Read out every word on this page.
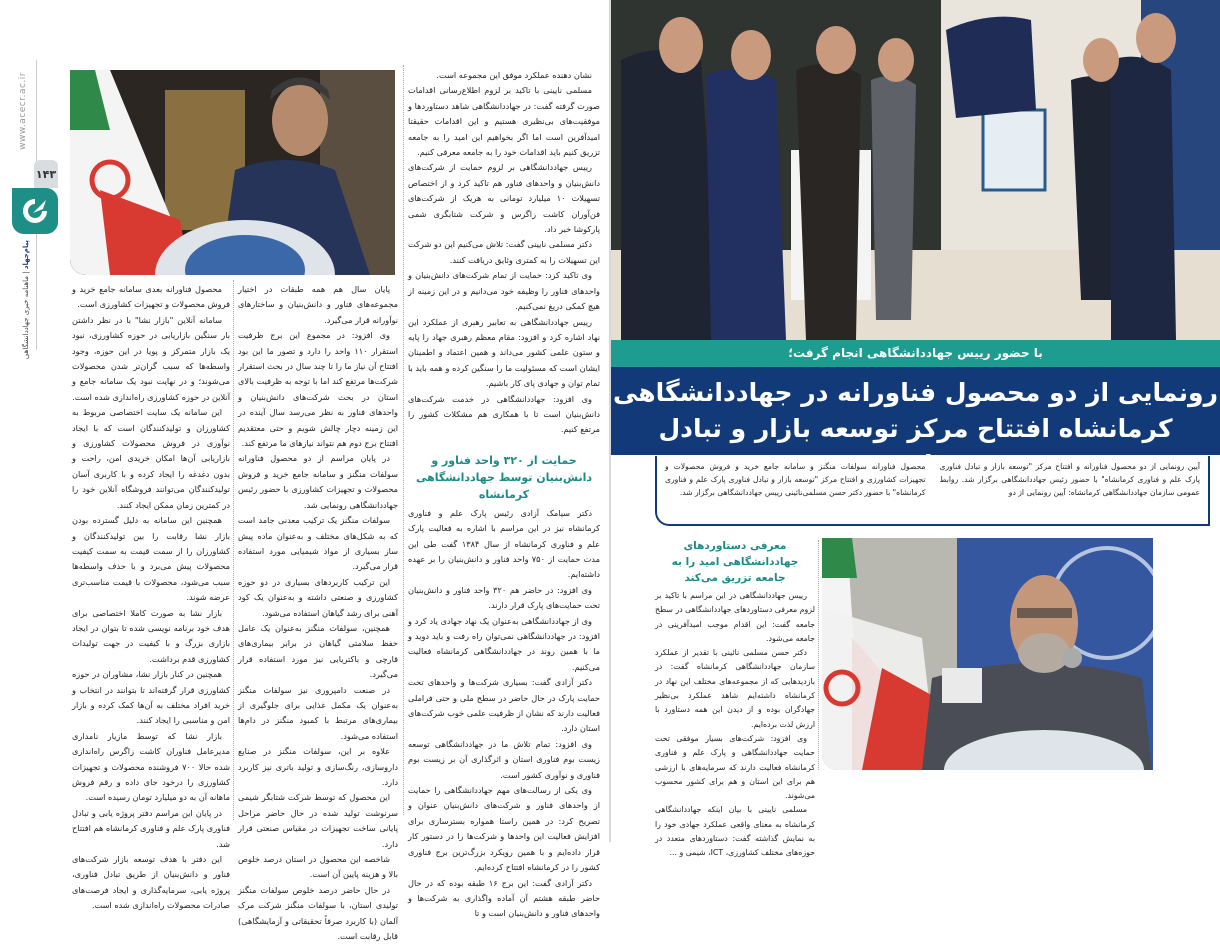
www.acecr.ac.ir
۱۴۳
پیام‌جهاد | ماهنامه خبری جهاددانشگاهی

نشان دهنده عملکرد موفق این مجموعه است.

مسلمی نایینی با تاکید بر لزوم اطلاع‌رسانی اقدامات صورت گرفته گفت: در جهاددانشگاهی شاهد دستاوردها و موفقیت‌های بی‌نظیری هستیم و این اقدامات حقیقتا امیدآفرین است اما اگر بخواهیم این امید را به جامعه تزریق کنیم باید اقدامات خود را به جامعه معرفی کنیم.

رییس جهاددانشگاهی بر لزوم حمایت از شرکت‌های دانش‌بنیان و واحدهای فناور هم تاکید کرد و از اختصاص تسهیلات ۱۰ میلیارد تومانی به هریک از شرکت‌های فن‌آوران کاشت زاگرس و شرکت شتابگری شمی پارکوشا خبر داد.

دکتر مسلمی نایینی گفت: تلاش می‌کنیم این دو شرکت این تسهیلات را به کمتری وثایق دریافت کنند.

وی تاکید کرد: حمایت از تمام شرکت‌های دانش‌بنیان و واحدهای فناور را وظیفه خود می‌دانیم و در این زمینه از هیچ کمکی دریغ نمی‌کنیم.

رییس جهاددانشگاهی به تعابیر رهبری از عملکرد این نهاد اشاره کرد و افزود: مقام معظم رهبری جهاد را پایه و ستون علمی کشور می‌داند و همین اعتماد و اطمینان ایشان است که مسئولیت ما را سنگین کرده و همه باید با تمام توان و جهادی پای کار باشیم.

وی افزود: جهاددانشگاهی در خدمت شرکت‌های دانش‌بنیان است تا با همکاری هم مشکلات کشور را مرتفع کنیم.

حمایت از ۳۲۰ واحد فناور و دانش‌بنیان توسط جهاددانشگاهی کرمانشاه

دکتر سیامک آزادی رئیس پارک علم و فناوری کرمانشاه نیز در این مراسم با اشاره به فعالیت پارک علم و فناوری کرمانشاه از سال ۱۳۸۴ گفت طی این مدت حمایت از ۷۵۰ واحد فناور و دانش‌بنیان را بر عهده داشته‌ایم.

وی افزود: در حاضر هم ۳۲۰ واحد فناور و دانش‌بنیان تحت حمایت‌های پارک قرار دارند.

وی از جهاددانشگاهی به‌عنوان یک نهاد جهادی یاد کرد و افزود: در جهاددانشگاهی نمی‌توان راه رفت و باید دوید و ما با همین روند در جهاددانشگاهی کرمانشاه فعالیت می‌کنیم.

دکتر آزادی گفت: بسیاری شرکت‌ها و واحدهای تحت حمایت پارک در حال حاضر در سطح ملی و حتی فراملی فعالیت دارند که نشان از ظرفیت علمی خوب شرکت‌های استان دارد.

وی افزود: تمام تلاش ما در جهاددانشگاهی توسعه زیست بوم فناوری استان و اثرگذاری آن بر زیست بوم فناوری و نوآوری کشور است.

وی یکی از رسالت‌های مهم جهاددانشگاهی را حمایت از واحدهای فناور و شرکت‌های دانش‌بنیان عنوان و تصریح کرد: در همین راستا همواره بسترسازی برای افزایش فعالیت این واحدها و شرکت‌ها را در دستور کار قرار داده‌ایم و با همین رویکرد بزرگ‌ترین برج فناوری کشور را در کرمانشاه افتتاح کرده‌ایم.

دکتر آزادی گفت: این برج ۱۶ طبقه بوده که در حال حاضر طبقه هشتم آن آماده واگذاری به شرکت‌ها و واحدهای فناور و دانش‌بنیان است و تا

پایان سال هم همه طبقات در اختیار مجموعه‌های فناور و دانش‌بنیان و ساختارهای نوآورانه قرار می‌گیرد.

وی افزود: در مجموع این برج ظرفیت استقرار ۱۱۰ واحد را دارد و تصور ما این بود افتتاح آن نیاز ما را تا چند سال در بحث استقرار شرکت‌ها مرتفع کند اما با توجه به ظرفیت بالای استان در بحث شرکت‌های دانش‌بنیان و واحدهای فناور به نظر می‌رسد سال آینده در این زمینه دچار چالش شویم و حتی معتقدیم افتتاح برج دوم هم نتواند نیازهای ما مرتفع کند.

در پایان مراسم از دو محصول فناورانه سولفات منگنز و سامانه جامع خرید و فروش محصولات و تجهیزات کشاورزی با حضور رئیس جهاددانشگاهی رونمایی شد.

سولفات منگنز یک ترکیب معدنی جامد است که به شکل‌های مختلف و به‌عنوان ماده پیش ساز بسیاری از مواد شیمیایی مورد استفاده قرار می‌گیرد.

این ترکیب کاربردهای بسیاری در دو حوزه کشاورزی و صنعتی داشته و به‌عنوان یک کود آهنی برای رشد گیاهان استفاده می‌شود.

همچنین، سولفات منگنز به‌عنوان یک عامل حفظ سلامتی گیاهان در برابر بیماری‌های قارچی و باکتریایی نیز مورد استفاده قرار می‌گیرد.

در صنعت دامپروری نیز سولفات منگنز به‌عنوان یک مکمل غذایی برای جلوگیری از بیماری‌های مرتبط با کمبود منگنز در دام‌ها استفاده می‌شود.

علاوه بر این، سولفات منگنز در صنایع داروسازی، رنگ‌سازی و تولید باتری نیز کاربرد دارد.

این محصول که توسط شرکت شتابگر شیمی سرنوشت تولید شده در حال حاضر مراحل پایانی ساخت تجهیزات در مقیاس صنعتی قرار دارد.

شاخصه این محصول در استان درصد خلوص بالا و هزینه پایین آن است.

در حال حاضر درصد خلوص سولفات منگنز تولیدی استان، با سولفات منگنز شرکت مرک آلمان (با کاربرد صرفاً تحقیقاتی و آزمایشگاهی) قابل رقابت است.

محصول فناورانه بعدی سامانه جامع خرید و فروش محصولات و تجهیزات کشاورزی است.

سامانه آنلاین "بازار نشا" با در نظر داشتن بار سنگین بازاریابی در حوزه کشاورزی، نبود یک بازار متمرکز و پویا در این حوزه، وجود واسطه‌ها که سبب گران‌تر شدن محصولات می‌شوند؛ و در نهایت نبود یک سامانه جامع و آنلاین در حوزه کشاورزی راه‌اندازی شده است.

این سامانه یک سایت اختصاصی مربوط به کشاورزان و تولیدکنندگان است که با ایجاد نوآوری در فروش محصولات کشاورزی و بازاریابی آن‌ها امکان خریدی امن، راحت و بدون دغدغه را ایجاد کرده و با کاربری آسان تولیدکنندگان می‌توانند فروشگاه آنلاین خود را در کمترین زمان ممکن ایجاد کنند.

همچنین این سامانه به دلیل گسترده بودن بازار نشا رقابت را بین تولیدکنندگان و کشاورزان را از سمت قیمت به سمت کیفیت محصولات پیش می‌برد و با حذف واسطه‌ها سبب می‌شود، محصولات با قیمت مناسب‌تری عرضه شوند.

بازار نشا به صورت کاملا اختصاصی برای هدف خود برنامه نویسی شده تا بتوان در ایجاد بازاری بزرگ و با کیفیت در جهت تولیدات کشاورزی قدم برداشت.

همچنین در کنار بازار نشا، مشاوران در حوزه کشاورزی قرار گرفته‌اند تا بتوانند در انتخاب و خرید افراد مختلف به آن‌ها کمک کرده و بازار امن و مناسبی را ایجاد کنند.

بازار نشا که توسط مازیار نامداری مدیرعامل فناوران کاشت زاگرس راه‌اندازی شده حالا ۷۰۰ فروشنده محصولات و تجهیزات کشاورزی را درخود جای داده و رقم فروش ماهانه آن به دو میلیارد تومان رسیده است.

در پایان این مراسم دفتر پروژه یابی و تبادل فناوری پارک علم و فناوری کرمانشاه هم افتتاح شد.

این دفتر با هدف توسعه بازار شرکت‌های فناور و دانش‌بنیان از طریق تبادل فناوری، پروژه یابی، سرمایه‌گذاری و ایجاد فرصت‌های صادرات محصولات راه‌اندازی شده است.

با حضور رییس جهاددانشگاهی انجام گرفت؛
رونمایی از دو محصول فناورانه در جهاددانشگاهی
کرمانشاه افتتاح مرکز توسعه بازار و تبادل فناوری
آیین رونمایی از دو محصول فناورانه و افتتاح مرکز "توسعه بازار و تبادل فناوری پارک علم و فناوری کرمانشاه" با حضور رئیس جهاددانشگاهی برگزار شد. روابط عمومی سازمان جهاددانشگاهی کرمانشاه: آیین رونمایی از دو
محصول فناورانه سولفات منگنز و سامانه جامع خرید و فروش محصولات و تجهیزات کشاورزی و افتتاح مرکز "توسعه بازار و تبادل فناوری پارک علم و فناوری کرمانشاه" با حضور دکتر حسن مسلمی‌نائینی رییس جهاددانشگاهی برگزار شد.
معرفی دستاوردهای جهاددانشگاهی امید را به جامعه تزریق می‌کند

رییس جهاددانشگاهی در این مراسم با تاکید بر لزوم معرفی دستاوردهای جهاددانشگاهی در سطح جامعه گفت: این اقدام موجب امیدآفرینی در جامعه می‌شود.

دکتر حسن مسلمی نائینی با تقدیر از عملکرد سازمان جهاددانشگاهی کرمانشاه گفت: در بازدیدهایی که از مجموعه‌های مختلف این نهاد در کرمانشاه داشته‌ایم شاهد عملکرد بی‌نظیر جهادگران بوده و از دیدن این همه دستاورد با ارزش لذت برده‌ایم.

وی افزود: شرکت‌های بسیار موفقی تحت حمایت جهاددانشگاهی و پارک علم و فناوری کرمانشاه فعالیت دارند که سرمایه‌های با ارزشی هم برای این استان و هم برای کشور محسوب می‌شوند.

مسلمی نایینی با بیان اینکه جهاددانشگاهی کرمانشاه به معنای واقعی عملکرد جهادی خود را به نمایش گذاشته گفت: دستاوردهای متعدد در حوزه‌های مختلف کشاورزی، ICT، شیمی و ...
